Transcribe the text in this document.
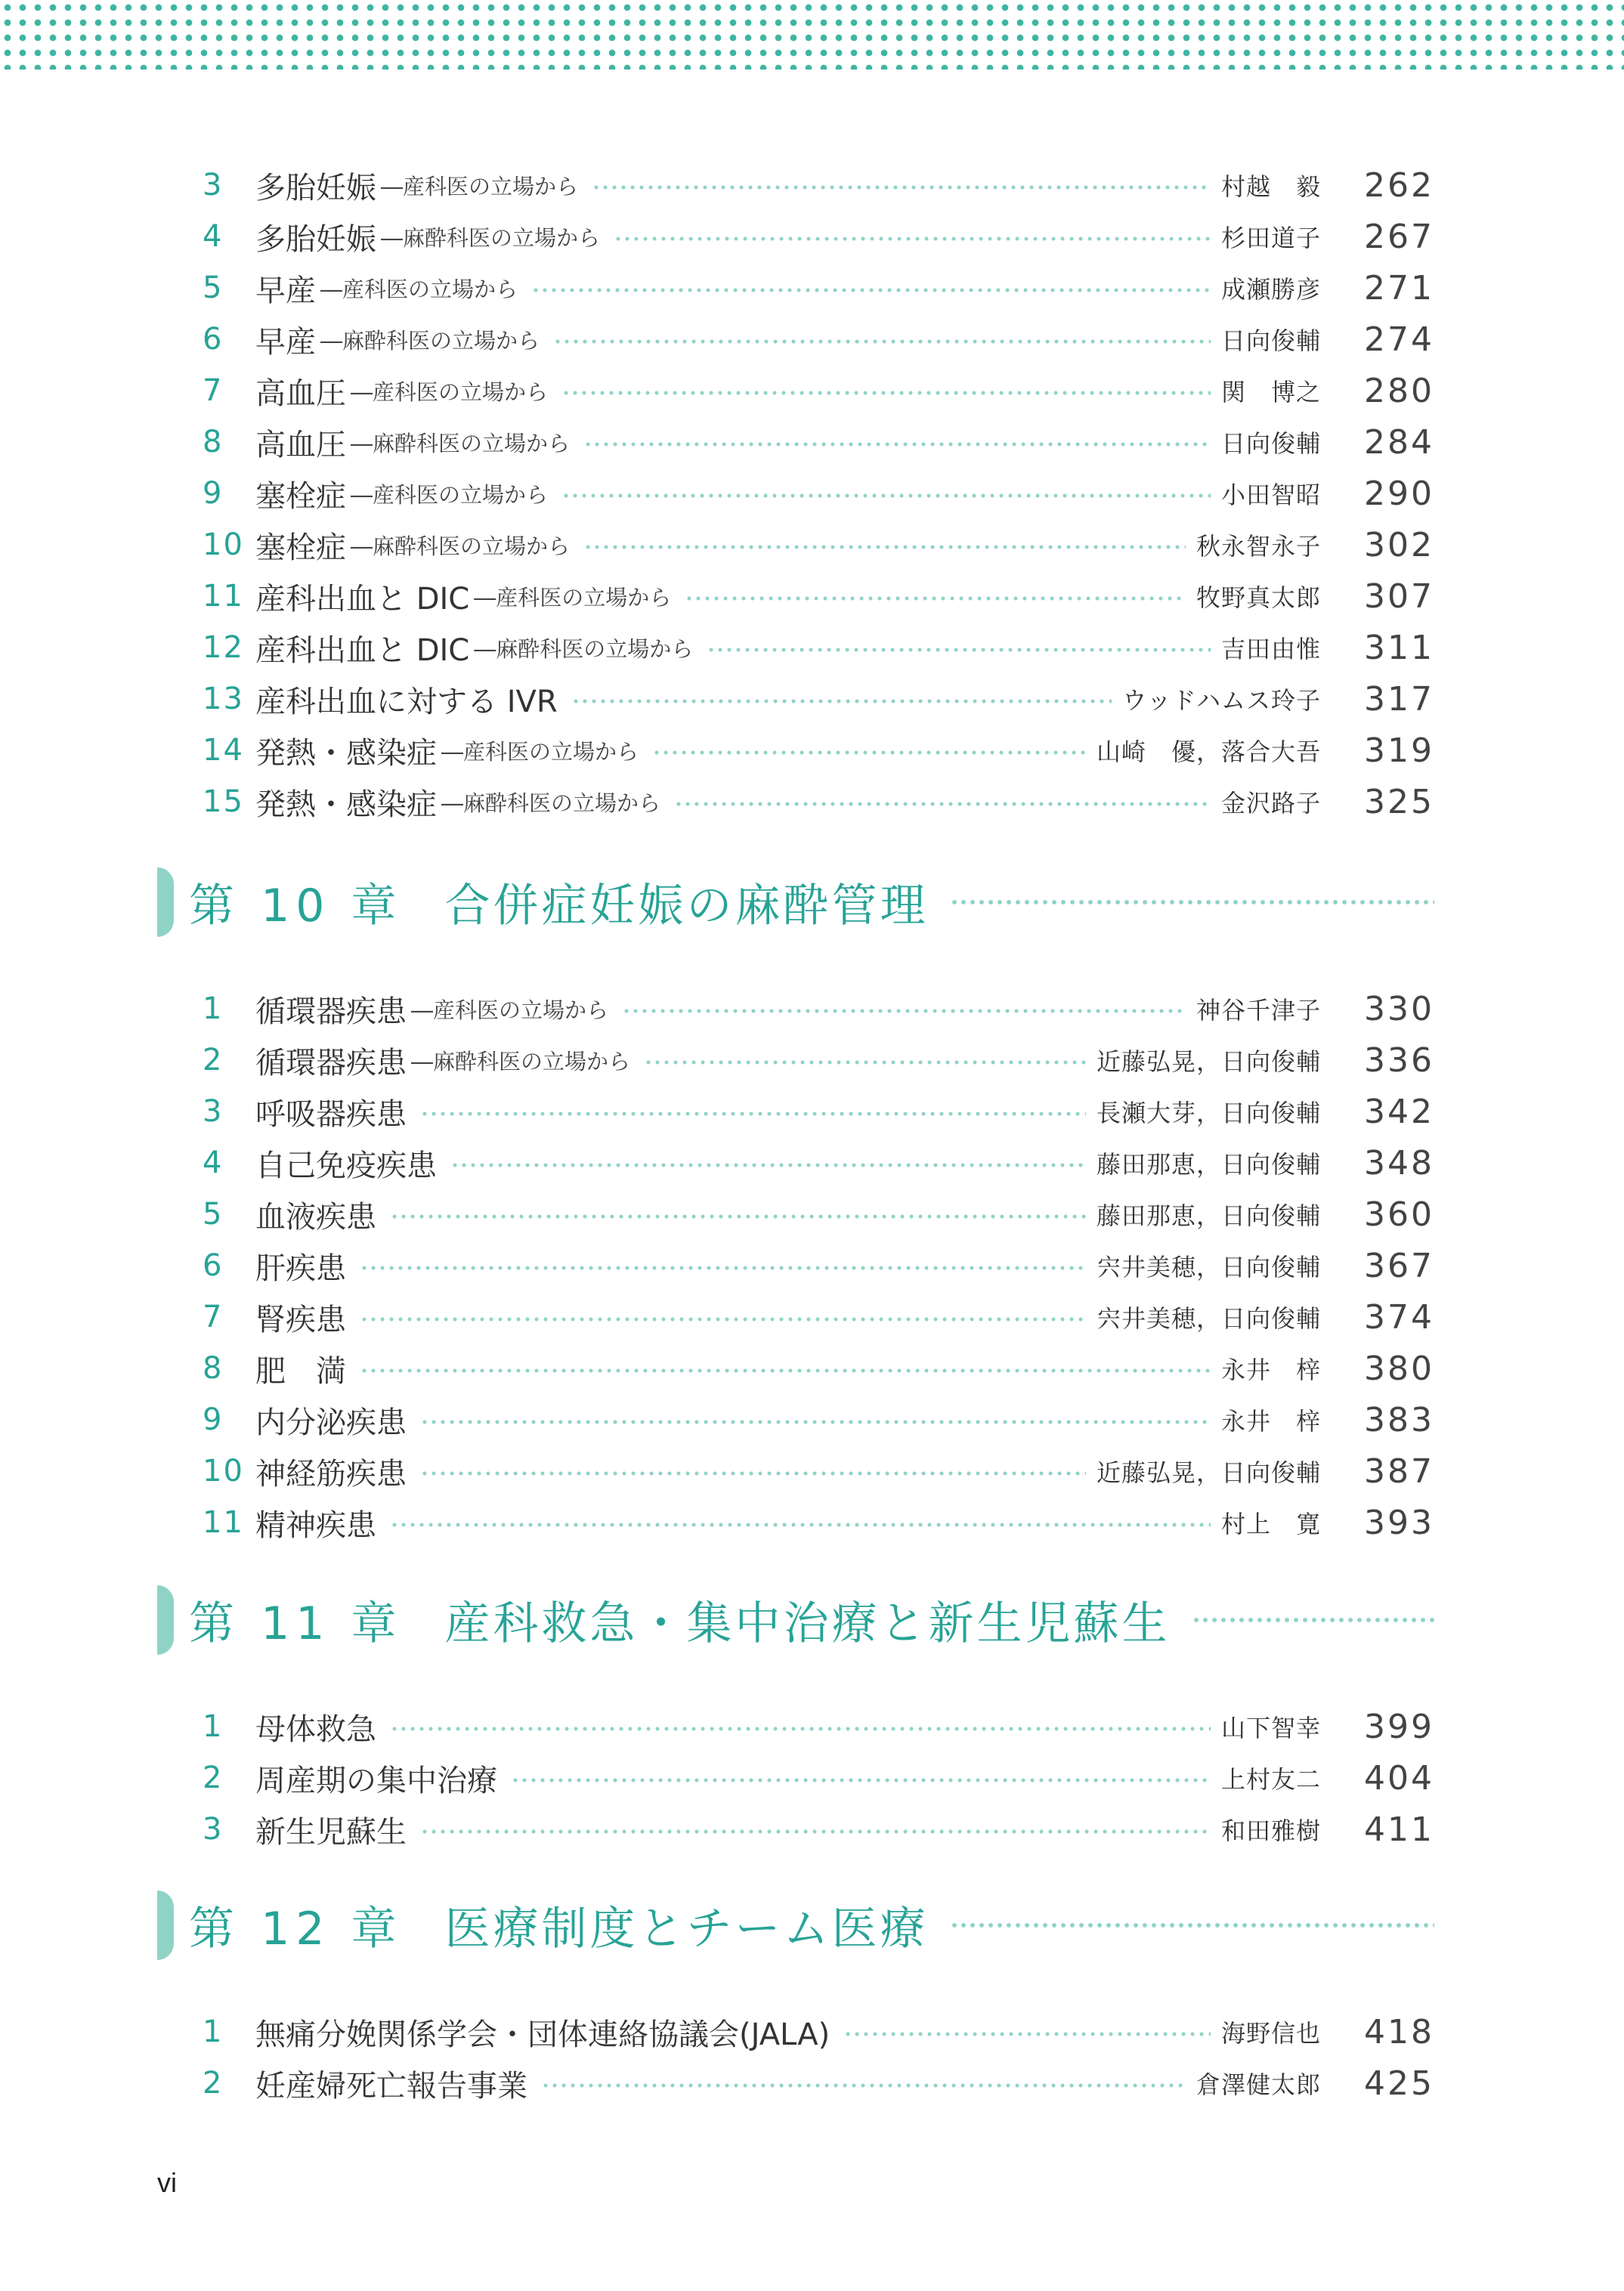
3	多胎妊娠 ―産科医の立場から	村越　毅	262
4	多胎妊娠 ―麻酔科医の立場から	杉田道子	267
5	早産 ―産科医の立場から	成瀬勝彦	271
6	早産 ―麻酔科医の立場から	日向俊輔	274
7	高血圧 ―産科医の立場から	関　博之	280
8	高血圧 ―麻酔科医の立場から	日向俊輔	284
9	塞栓症 ―産科医の立場から	小田智昭	290
10 塞栓症 ―麻酔科医の立場から	秋永智永子	302
11 産科出血と DIC ―産科医の立場から	牧野真太郎	307
12 産科出血と DIC ―麻酔科医の立場から	吉田由惟	311
13 産科出血に対する IVR	ウッドハムス玲子	317
14 発熱・感染症 ―産科医の立場から	山崎　優，落合大吾	319
15 発熱・感染症 ―麻酔科医の立場から	金沢路子	325
第 10 章 合併症妊娠の麻酔管理
1	循環器疾患 ―産科医の立場から	神谷千津子	330
2	循環器疾患 ―麻酔科医の立場から	近藤弘晃，日向俊輔	336
3	呼吸器疾患	長瀬大芽，日向俊輔	342
4	自己免疫疾患	藤田那恵，日向俊輔	348
5	血液疾患	藤田那恵，日向俊輔	360
6	肝疾患	宍井美穂，日向俊輔	367
7	腎疾患	宍井美穂，日向俊輔	374
8	肥　満	永井　梓	380
9	内分泌疾患	永井　梓	383
10 神経筋疾患	近藤弘晃，日向俊輔	387
11 精神疾患	村上　寛	393
第 11 章 産科救急・集中治療と新生児蘇生
1	母体救急	山下智幸	399
2	周産期の集中治療	上村友二	404
3	新生児蘇生	和田雅樹	411
第 12 章 医療制度とチーム医療
1	無痛分娩関係学会・団体連絡協議会(JALA)	海野信也	418
2	妊産婦死亡報告事業	倉澤健太郎	425
vi
